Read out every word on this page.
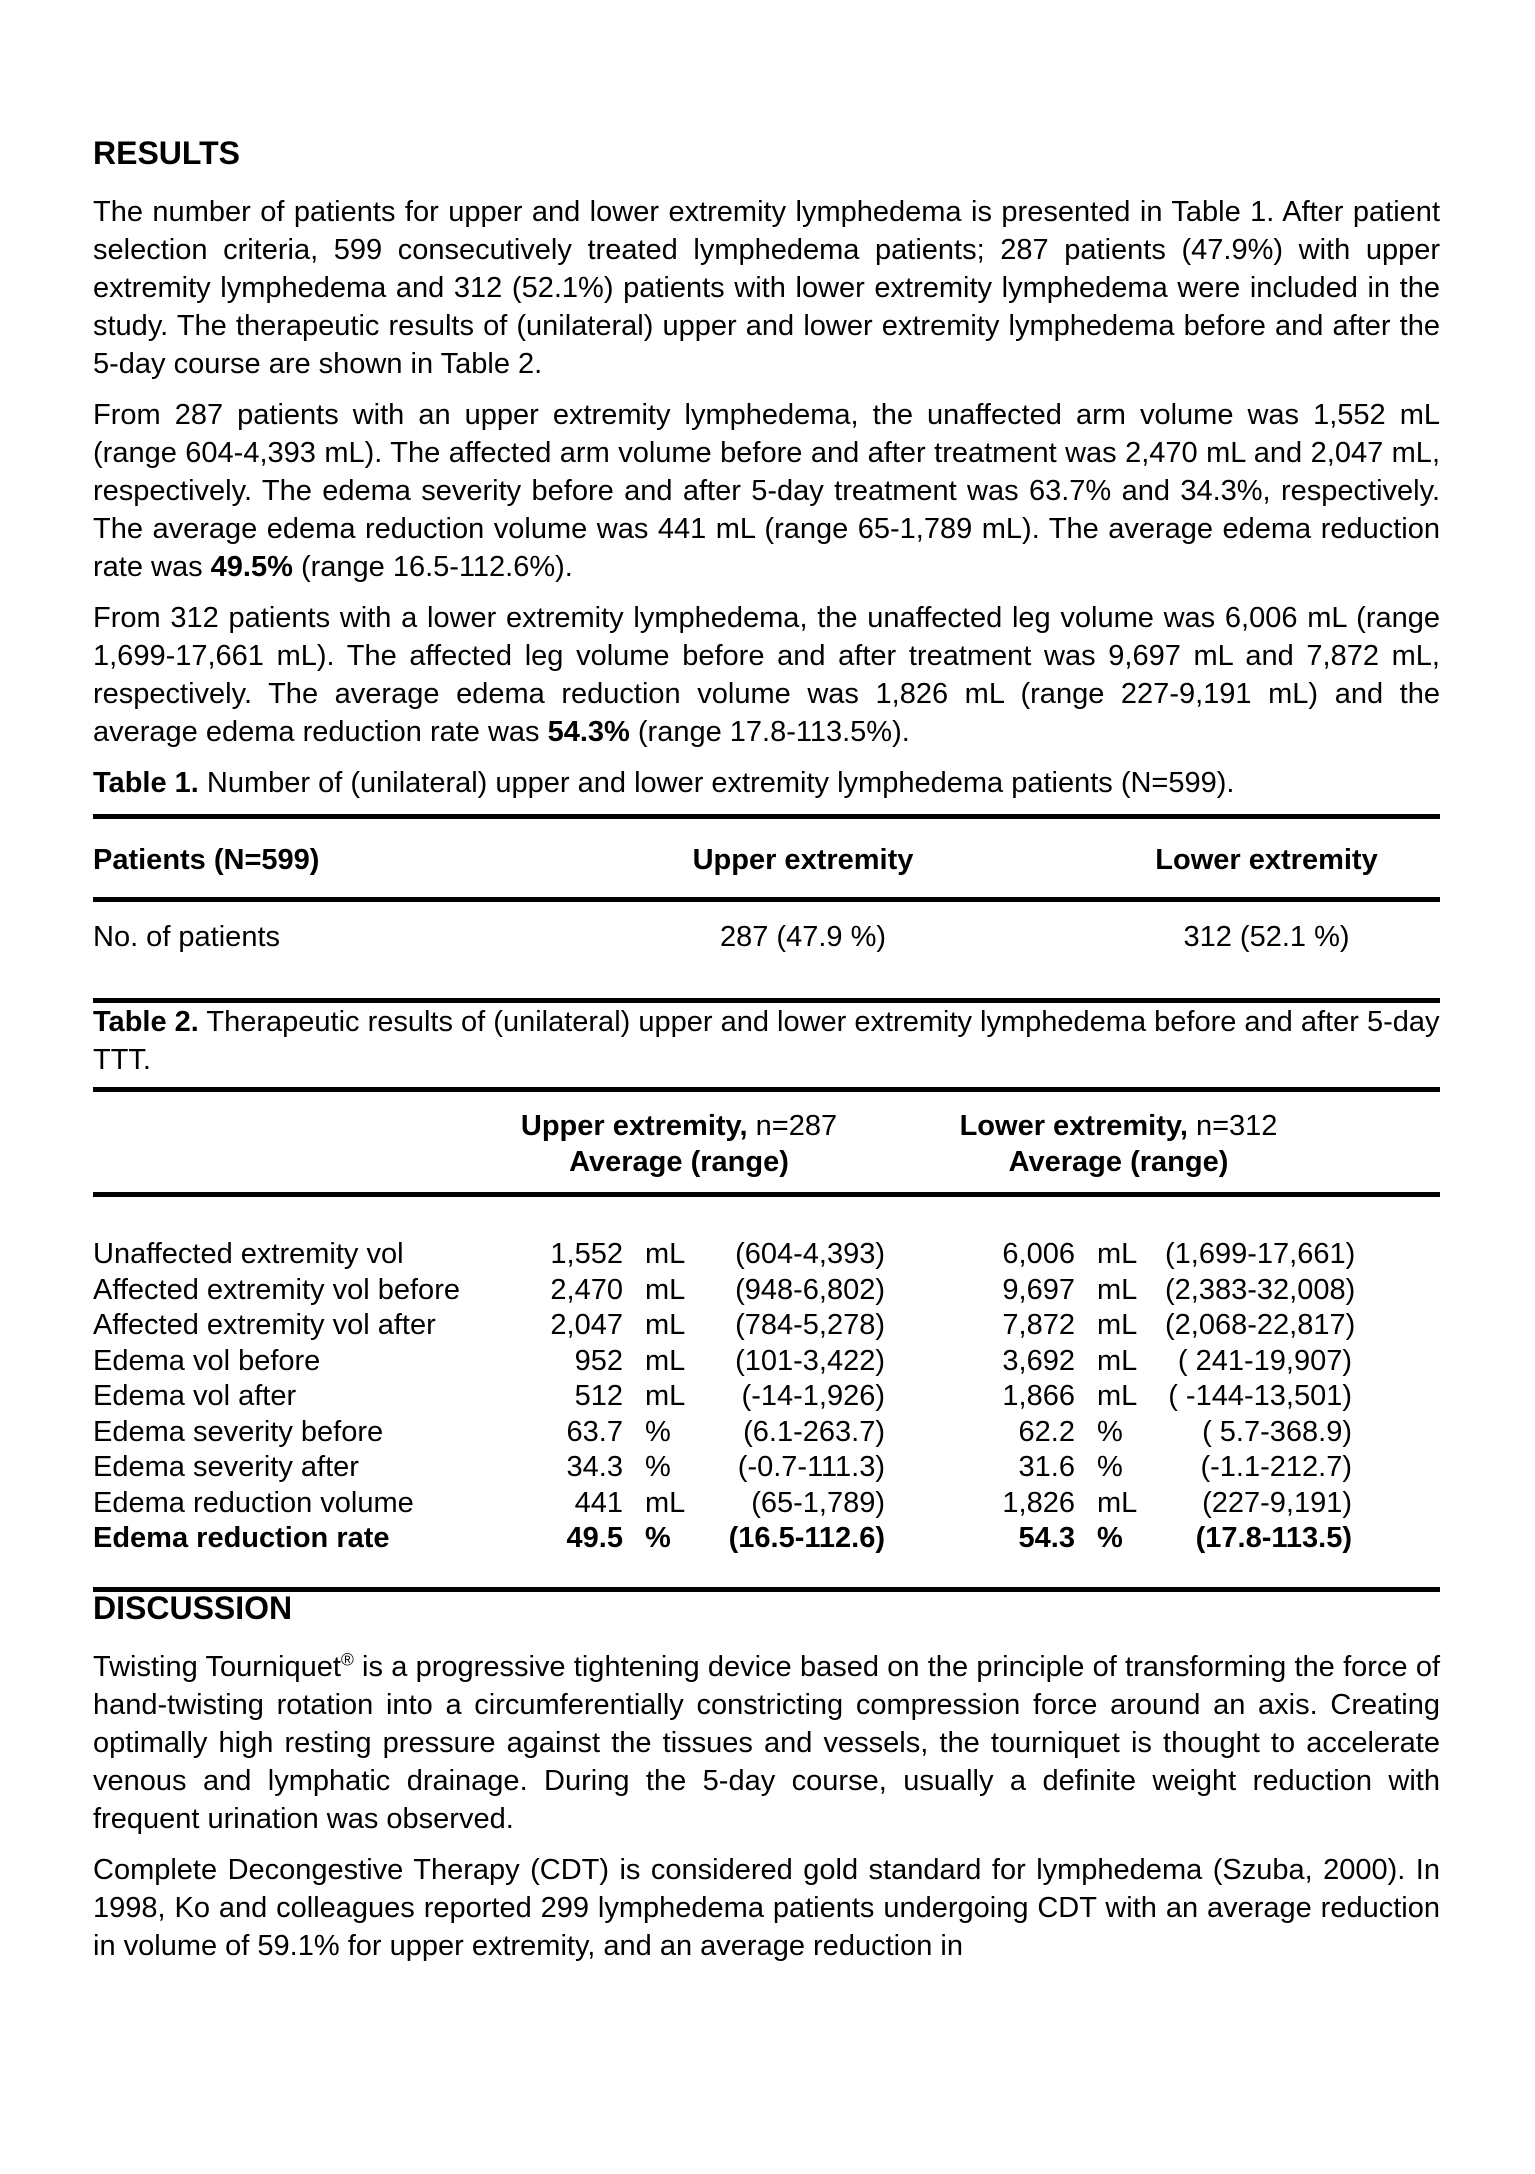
RESULTS

The number of patients for upper and lower extremity lymphedema is presented in Table 1. After patient selection criteria, 599 consecutively treated lymphedema patients; 287 patients (47.9%) with upper extremity lymphedema and 312 (52.1%) patients with lower extremity lymphedema were included in the study. The therapeutic results of (unilateral) upper and lower extremity lymphedema before and after the 5-day course are shown in Table 2.

From 287 patients with an upper extremity lymphedema, the unaffected arm volume was 1,552 mL (range 604-4,393 mL). The affected arm volume before and after treatment was 2,470 mL and 2,047 mL, respectively. The edema severity before and after 5-day treatment was 63.7% and 34.3%, respectively. The average edema reduction volume was 441 mL (range 65-1,789 mL). The average edema reduction rate was 49.5% (range 16.5-112.6%).

From 312 patients with a lower extremity lymphedema, the unaffected leg volume was 6,006 mL (range 1,699-17,661 mL). The affected leg volume before and after treatment was 9,697 mL and 7,872 mL, respectively. The average edema reduction volume was 1,826 mL (range 227-9,191 mL) and the average edema reduction rate was 54.3% (range 17.8-113.5%).

Table 1. Number of (unilateral) upper and lower extremity lymphedema patients (N=599).

Patients (N=599)	Upper extremity	Lower extremity
No. of patients	287 (47.9 %)	312 (52.1 %)

Table 2. Therapeutic results of (unilateral) upper and lower extremity lymphedema before and after 5-day TTT.

Upper extremity, n=287
Average (range)
Lower extremity, n=312
Average (range)
Unaffected extremity vol	1,552 mL	(604-4,393)	6,006 mL (1,699-17,661)
Affected extremity vol before	2,470 mL	(948-6,802)	9,697 mL (2,383-32,008)
Affected extremity vol after	2,047 mL	(784-5,278)	7,872 mL (2,068-22,817)
Edema vol before	952 mL	(101-3,422)	3,692 mL	( 241-19,907)
Edema vol after	512 mL	(-14-1,926)	1,866 mL	( -144-13,501)
Edema severity before	63.7 %	(6.1-263.7)	62.2 %	( 5.7-368.9)
Edema severity after	34.3 %	(-0.7-111.3)	31.6 %	(-1.1-212.7)
Edema reduction volume	441 mL	(65-1,789)	1,826 mL	(227-9,191)
Edema reduction rate	49.5 %	(16.5-112.6)	54.3 %	(17.8-113.5)
DISCUSSION

Twisting Tourniquet® is a progressive tightening device based on the principle of transforming the force of hand-twisting rotation into a circumferentially constricting compression force around an axis. Creating optimally high resting pressure against the tissues and vessels, the tourniquet is thought to accelerate venous and lymphatic drainage. During the 5-day course, usually a definite weight reduction with frequent urination was observed.

Complete Decongestive Therapy (CDT) is considered gold standard for lymphedema (Szuba, 2000). In 1998, Ko and colleagues reported 299 lymphedema patients undergoing CDT with an average reduction in volume of 59.1% for upper extremity, and an average reduction in
